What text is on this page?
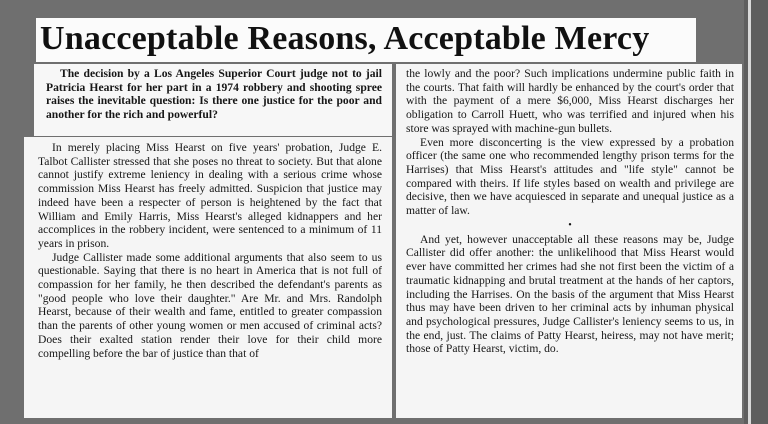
Unacceptable Reasons, Acceptable Mercy

The decision by a Los Angeles Superior Court judge not to jail Patricia Hearst for her part in a 1974 robbery and shooting spree raises the inevitable question: Is there one justice for the poor and another for the rich and powerful?

In merely placing Miss Hearst on five years' probation, Judge E. Talbot Callister stressed that she poses no threat to society. But that alone cannot justify extreme leniency in dealing with a serious crime whose commission Miss Hearst has freely admitted. Suspicion that justice may indeed have been a respecter of person is heightened by the fact that William and Emily Harris, Miss Hearst's alleged kidnappers and her accomplices in the robbery incident, were sentenced to a minimum of 11 years in prison.

Judge Callister made some additional arguments that also seem to us questionable. Saying that there is no heart in America that is not full of compassion for her family, he then described the defendant's parents as "good people who love their daughter." Are Mr. and Mrs. Randolph Hearst, because of their wealth and fame, entitled to greater compassion than the parents of other young women or men accused of criminal acts? Does their exalted station render their love for their child more compelling before the bar of justice than that of

the lowly and the poor? Such implications undermine public faith in the courts. That faith will hardly be enhanced by the court's order that with the payment of a mere $6,000, Miss Hearst discharges her obligation to Carroll Huett, who was terrified and injured when his store was sprayed with machine-gun bullets.

Even more disconcerting is the view expressed by a probation officer (the same one who recommended lengthy prison terms for the Harrises) that Miss Hearst's attitudes and "life style" cannot be compared with theirs. If life styles based on wealth and privilege are decisive, then we have acquiesced in separate and unequal justice as a matter of law.

•

And yet, however unacceptable all these reasons may be, Judge Callister did offer another: the unlikelihood that Miss Hearst would ever have committed her crimes had she not first been the victim of a traumatic kidnapping and brutal treatment at the hands of her captors, including the Harrises. On the basis of the argument that Miss Hearst thus may have been driven to her criminal acts by inhuman physical and psychological pressures, Judge Callister's leniency seems to us, in the end, just. The claims of Patty Hearst, heiress, may not have merit; those of Patty Hearst, victim, do.
